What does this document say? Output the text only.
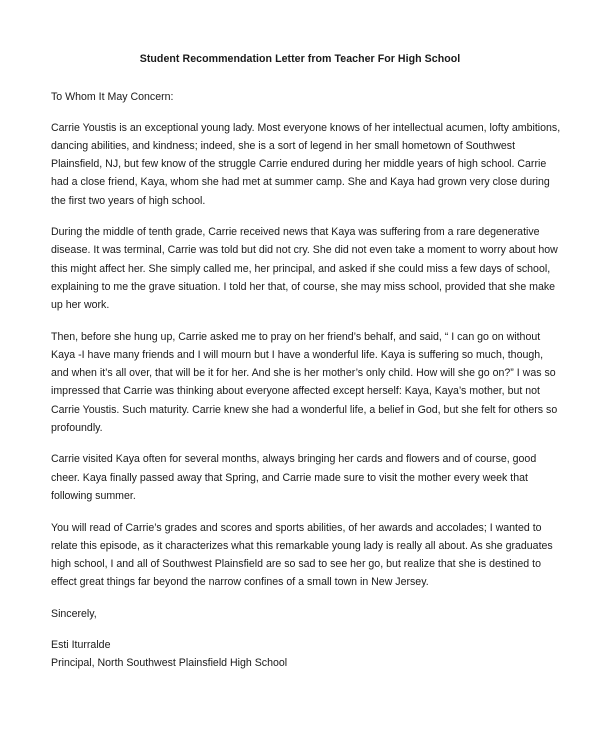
Student Recommendation Letter from Teacher For High School

To Whom It May Concern:

Carrie Youstis is an exceptional young lady. Most everyone knows of her intellectual acumen, lofty ambitions, dancing abilities, and kindness; indeed, she is a sort of legend in her small hometown of Southwest Plainsfield, NJ, but few know of the struggle Carrie endured during her middle years of high school. Carrie had a close friend, Kaya, whom she had met at summer camp. She and Kaya had grown very close during the first two years of high school.

During the middle of tenth grade, Carrie received news that Kaya was suffering from a rare degenerative disease. It was terminal, Carrie was told but did not cry. She did not even take a moment to worry about how this might affect her. She simply called me, her principal, and asked if she could miss a few days of school, explaining to me the grave situation. I told her that, of course, she may miss school, provided that she make up her work.

Then, before she hung up, Carrie asked me to pray on her friend’s behalf, and said, “ I can go on without Kaya -I have many friends and I will mourn but I have a wonderful life. Kaya is suffering so much, though, and when it’s all over, that will be it for her. And she is her mother’s only child. How will she go on?” I was so impressed that Carrie was thinking about everyone affected except herself: Kaya, Kaya’s mother, but not Carrie Youstis. Such maturity. Carrie knew she had a wonderful life, a belief in God, but she felt for others so profoundly.

Carrie visited Kaya often for several months, always bringing her cards and flowers and of course, good cheer. Kaya finally passed away that Spring, and Carrie made sure to visit the mother every week that following summer.

You will read of Carrie’s grades and scores and sports abilities, of her awards and accolades; I wanted to relate this episode, as it characterizes what this remarkable young lady is really all about. As she graduates high school, I and all of Southwest Plainsfield are so sad to see her go, but realize that she is destined to effect great things far beyond the narrow confines of a small town in New Jersey.

Sincerely,

Esti Iturralde
Principal, North Southwest Plainsfield High School
